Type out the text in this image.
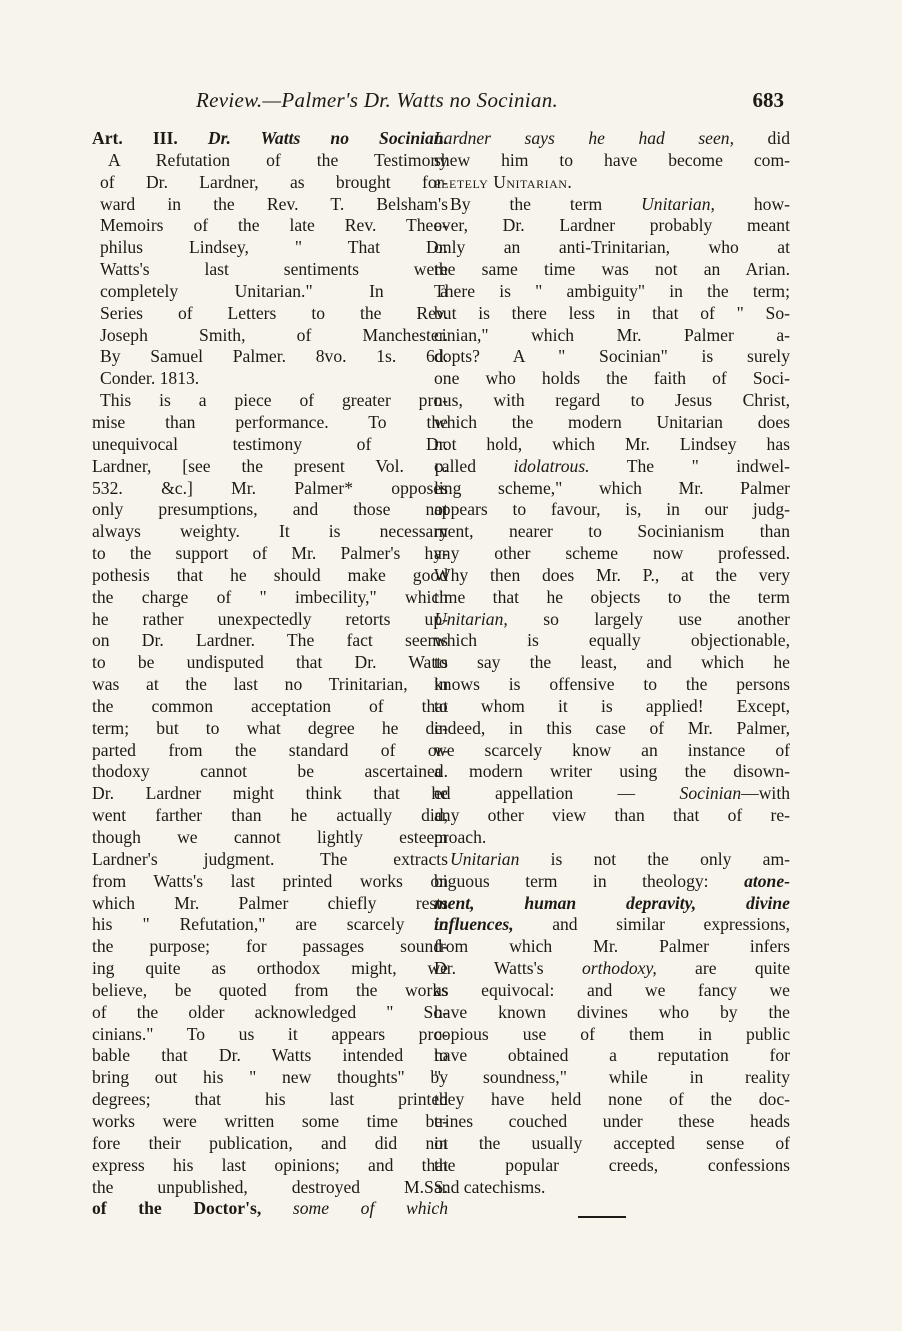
Review.—Palmer's Dr. Watts no Socinian.	683
Art. III. Dr. Watts no Socinian.
A Refutation of the Testimony
of Dr. Lardner, as brought for-
ward in the Rev. T. Belsham's
Memoirs of the late Rev. Theo-
philus Lindsey, " That Dr.
Watts's last sentiments were
completely Unitarian." In a
Series of Letters to the Rev.
Joseph Smith, of Manchester.
By Samuel Palmer. 8vo. 1s. 6d.
Conder. 1813.
This is a piece of greater pro-
mise than performance. To the
unequivocal testimony of Dr.
Lardner, [see the present Vol. p.
532. &c.] Mr. Palmer* opposes
only presumptions, and those not
always weighty. It is necessary
to the support of Mr. Palmer's hy-
pothesis that he should make good
the charge of " imbecility," which
he rather unexpectedly retorts up-
on Dr. Lardner. The fact seems
to be undisputed that Dr. Watts
was at the last no Trinitarian, in
the common acceptation of that
term; but to what degree he de-
parted from the standard of or-
thodoxy cannot be ascertained.
Dr. Lardner might think that he
went farther than he actually did,
though we cannot lightly esteem
Lardner's judgment. The extracts
from Watts's last printed works on
which Mr. Palmer chiefly rests
his " Refutation," are scarcely to
the purpose; for passages sound-
ing quite as orthodox might, we
believe, be quoted from the works
of the older acknowledged " So-
cinians." To us it appears pro-
bable that Dr. Watts intended to
bring out his " new thoughts" by
degrees; that his last printed
works were written some time be-
fore their publication, and did not
express his last opinions; and that
the unpublished, destroyed M.SS.
of the Doctor's, some of which
Lardner says he had seen, did
shew him to have become com-
pletely Unitarian.
By the term Unitarian, how-
ever, Dr. Lardner probably meant
only an anti-Trinitarian, who at
the same time was not an Arian.
There is " ambiguity" in the term;
but is there less in that of " So-
cinian," which Mr. Palmer a-
dopts? A " Socinian" is surely
one who holds the faith of Soci-
nus, with regard to Jesus Christ,
which the modern Unitarian does
not hold, which Mr. Lindsey has
called idolatrous. The " indwel-
ling scheme," which Mr. Palmer
appears to favour, is, in our judg-
ment, nearer to Socinianism than
any other scheme now professed.
Why then does Mr. P., at the very
time that he objects to the term
Unitarian, so largely use another
which is equally objectionable,
to say the least, and which he
knows is offensive to the persons
to whom it is applied! Except,
indeed, in this case of Mr. Palmer,
we scarcely know an instance of
a modern writer using the disown-
ed appellation — Socinian—with
any other view than that of re-
proach.
Unitarian is not the only am-
biguous term in theology: atone-
ment, human depravity, divine
influences, and similar expressions,
from which Mr. Palmer infers
Dr. Watts's orthodoxy, are quite
as equivocal: and we fancy we
have known divines who by the
copious use of them in public
have obtained a reputation for
" soundness," while in reality
they have held none of the doc-
trines couched under these heads
in the usually accepted sense of
the popular creeds, confessions
and catechisms.
